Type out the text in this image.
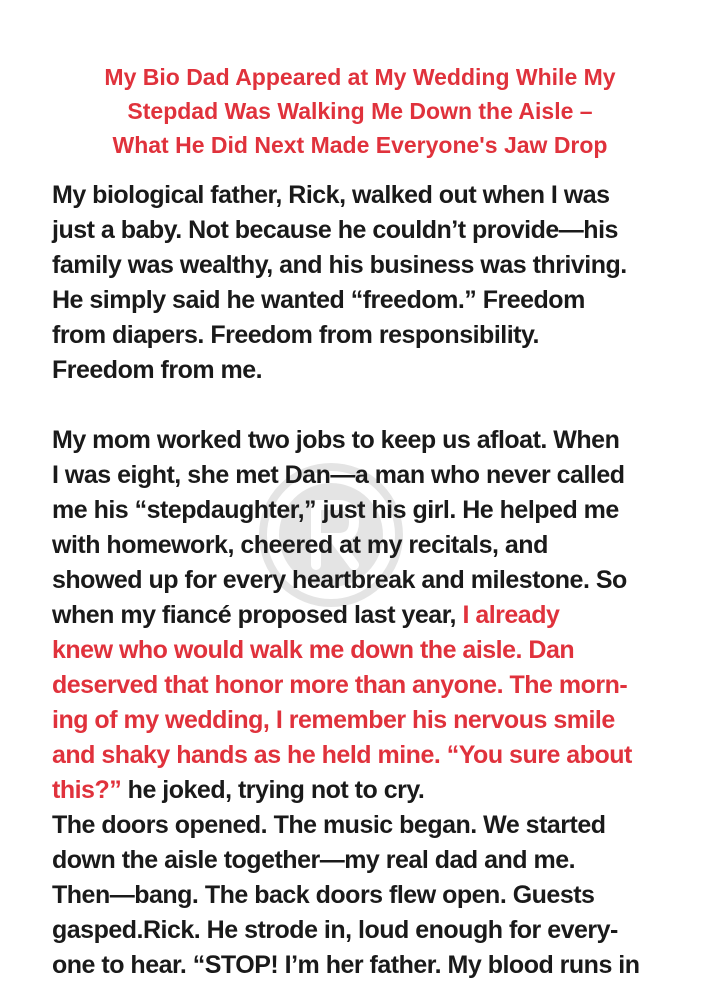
My Bio Dad Appeared at My Wedding While My
Stepdad Was Walking Me Down the Aisle –
What He Did Next Made Everyone's Jaw Drop

My biological father, Rick, walked out when I was
just a baby. Not because he couldn’t provide—his
family was wealthy, and his business was thriving.
He simply said he wanted “freedom.” Freedom
from diapers. Freedom from responsibility.
Freedom from me.

My mom worked two jobs to keep us afloat. When
I was eight, she met Dan—a man who never called
me his “stepdaughter,” just his girl. He helped me
with homework, cheered at my recitals, and
showed up for every heartbreak and milestone. So
when my fiancé proposed last year, I already
knew who would walk me down the aisle. Dan
deserved that honor more than anyone. The morn-
ing of my wedding, I remember his nervous smile
and shaky hands as he held mine. “You sure about
this?” he joked, trying not to cry.

The doors opened. The music began. We started
down the aisle together—my real dad and me.
Then—bang. The back doors flew open. Guests
gasped.Rick. He strode in, loud enough for every-
one to hear. “STOP! I’m her father. My blood runs in
